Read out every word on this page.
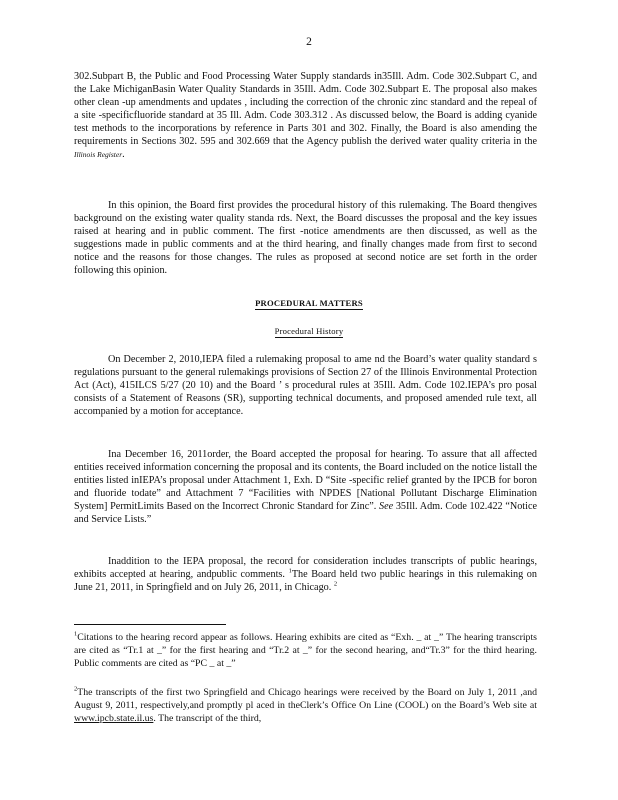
2

302.Subpart B, the Public and Food Processing Water Supply standards in35Ill. Adm. Code 302.Subpart C, and the Lake MichiganBasin Water Quality Standards in 35Ill. Adm. Code 302.Subpart E. The proposal also makes other clean -up amendments and updates , including the correction of the chronic zinc standard and the repeal of a site -specificfluoride standard at 35 Ill. Adm. Code 303.312 . As discussed below, the Board is adding cyanide test methods to the incorporations by reference in Parts 301 and 302. Finally, the Board is also amending the requirements in Sections 302. 595 and 302.669 that the Agency publish the derived water quality criteria in the Illinois Register.

In this opinion, the Board first provides the procedural history of this rulemaking. The Board thengives background on the existing water quality standa rds. Next, the Board discusses the proposal and the key issues raised at hearing and in public comment. The first -notice amendments are then discussed, as well as the suggestions made in public comments and at the third hearing, and finally changes made from first to second notice and the reasons for those changes. The rules as proposed at second notice are set forth in the order following this opinion.

PROCEDURAL MATTERS
Procedural History

On December 2, 2010,IEPA filed a rulemaking proposal to ame nd the Board’s water quality standard s regulations pursuant to the general rulemakings provisions of Section 27 of the Illinois Environmental Protection Act (Act), 415ILCS 5/27 (20 10) and the Board ’ s procedural rules at 35Ill. Adm. Code 102.IEPA’s pro posal consists of a Statement of Reasons (SR), supporting technical documents, and proposed amended rule text, all accompanied by a motion for acceptance.

Ina December 16, 2011order, the Board accepted the proposal for hearing. To assure that all affected entities received information concerning the proposal and its contents, the Board included on the notice listall the entities listed inIEPA’s proposal under Attachment 1, Exh. D “Site -specific relief granted by the IPCB for boron and fluoride todate” and Attachment 7 “Facilities with NPDES [National Pollutant Discharge Elimination System] PermitLimits Based on the Incorrect Chronic Standard for Zinc”. See 35Ill. Adm. Code 102.422 “Notice and Service Lists.”

Inaddition to the IEPA proposal, the record for consideration includes transcripts of public hearings, exhibits accepted at hearing, andpublic comments. $^1$The Board held two public hearings in this rulemaking on June 21, 2011, in Springfield and on July 26, 2011, in Chicago. $^2$

$^1$Citations to the hearing record appear as follows. Hearing exhibits are cited as “Exh. _ at _” The hearing transcripts are cited as “Tr.1 at _” for the first hearing and “Tr.2 at _” for the second hearing, and“Tr.3” for the third hearing. Public comments are cited as “PC _ at _”

$^2$The transcripts of the first two Springfield and Chicago hearings were received by the Board on July 1, 2011 ,and August 9, 2011, respectively,and promptly pl aced in theClerk’s Office On Line (COOL) on the Board’s Web site at www.ipcb.state.il.us. The transcript of the third,
